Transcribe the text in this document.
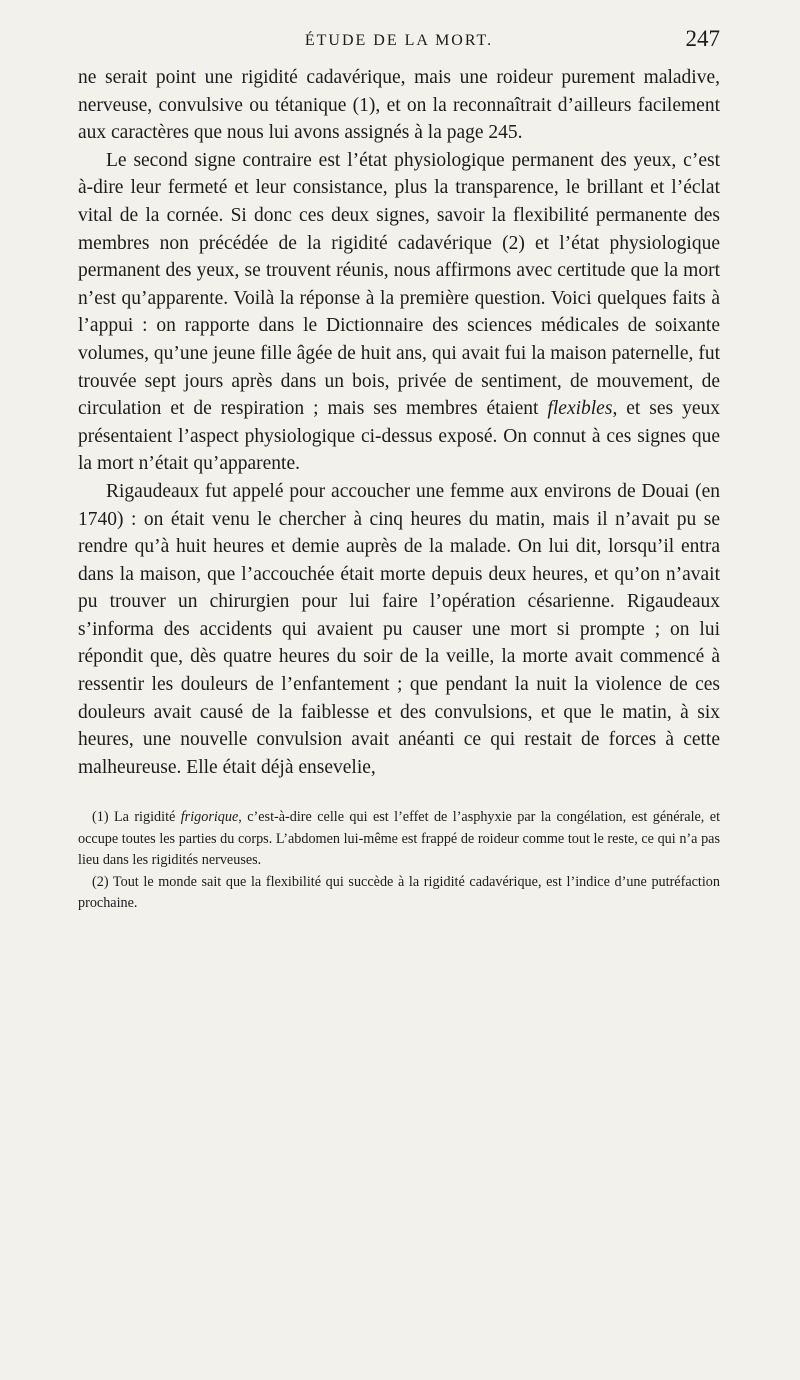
ÉTUDE DE LA MORT.	247

ne serait point une rigidité cadavérique, mais une roideur purement maladive, nerveuse, convulsive ou tétanique (1), et on la reconnaîtrait d’ailleurs facilement aux caractères que nous lui avons assignés à la page 245.

Le second signe contraire est l’état physiologique permanent des yeux, c’est à-dire leur fermeté et leur consistance, plus la transparence, le brillant et l’éclat vital de la cornée. Si donc ces deux signes, savoir la flexibilité permanente des membres non précédée de la rigidité cadavérique (2) et l’état physiologique permanent des yeux, se trouvent réunis, nous affirmons avec certitude que la mort n’est qu’apparente. Voilà la réponse à la première question. Voici quelques faits à l’appui : on rapporte dans le Dictionnaire des sciences médicales de soixante volumes, qu’une jeune fille âgée de huit ans, qui avait fui la maison paternelle, fut trouvée sept jours après dans un bois, privée de sentiment, de mouvement, de circulation et de respiration ; mais ses membres étaient flexibles, et ses yeux présentaient l’aspect physiologique ci-dessus exposé. On connut à ces signes que la mort n’était qu’apparente.

Rigaudeaux fut appelé pour accoucher une femme aux environs de Douai (en 1740) : on était venu le chercher à cinq heures du matin, mais il n’avait pu se rendre qu’à huit heures et demie auprès de la malade. On lui dit, lorsqu’il entra dans la maison, que l’accouchée était morte depuis deux heures, et qu’on n’avait pu trouver un chirurgien pour lui faire l’opération césarienne. Rigaudeaux s’informa des accidents qui avaient pu causer une mort si prompte ; on lui répondit que, dès quatre heures du soir de la veille, la morte avait commencé à ressentir les douleurs de l’enfantement ; que pendant la nuit la violence de ces douleurs avait causé de la faiblesse et des convulsions, et que le matin, à six heures, une nouvelle convulsion avait anéanti ce qui restait de forces à cette malheureuse. Elle était déjà ensevelie,

(1) La rigidité frigorique, c’est-à-dire celle qui est l’effet de l’asphyxie par la congélation, est générale, et occupe toutes les parties du corps. L’abdomen lui-même est frappé de roideur comme tout le reste, ce qui n’a pas lieu dans les rigidités nerveuses.

(2) Tout le monde sait que la flexibilité qui succède à la rigidité cadavérique, est l’indice d’une putréfaction prochaine.
